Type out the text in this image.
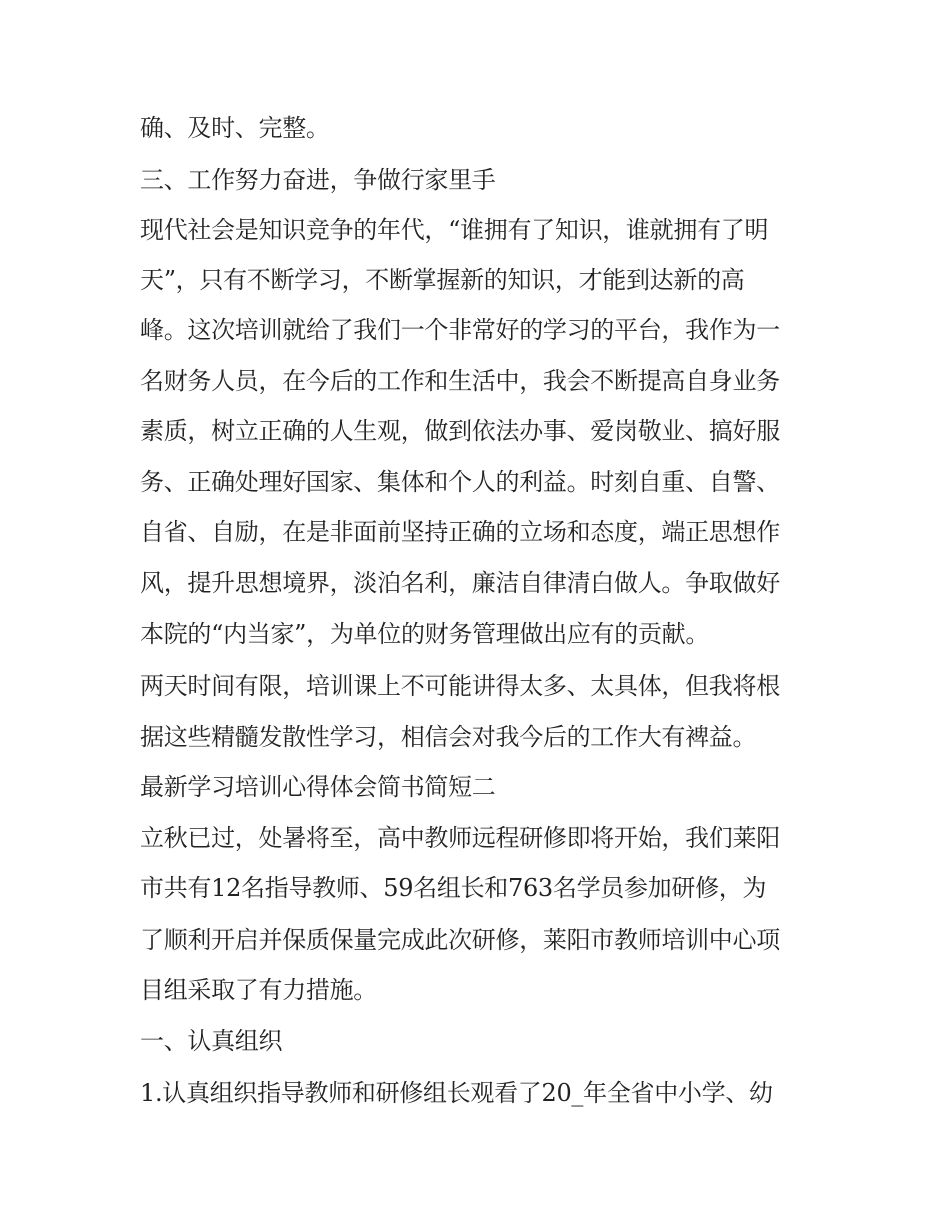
确、及时、完整。
三、工作努力奋进，争做行家里手
现代社会是知识竞争的年代，“谁拥有了知识，谁就拥有了明
天”，只有不断学习，不断掌握新的知识，才能到达新的高
峰。这次培训就给了我们一个非常好的学习的平台，我作为一
名财务人员，在今后的工作和生活中，我会不断提高自身业务
素质，树立正确的人生观，做到依法办事、爱岗敬业、搞好服
务、正确处理好国家、集体和个人的利益。时刻自重、自警、
自省、自励，在是非面前坚持正确的立场和态度，端正思想作
风，提升思想境界，淡泊名利，廉洁自律清白做人。争取做好
本院的“内当家”，为单位的财务管理做出应有的贡献。
两天时间有限，培训课上不可能讲得太多、太具体，但我将根
据这些精髓发散性学习，相信会对我今后的工作大有裨益。
最新学习培训心得体会简书简短二
立秋已过，处暑将至，高中教师远程研修即将开始，我们莱阳
市共有12名指导教师、59名组长和763名学员参加研修，为
了顺利开启并保质保量完成此次研修，莱阳市教师培训中心项
目组采取了有力措施。
一、认真组织
1.认真组织指导教师和研修组长观看了20_年全省中小学、幼
